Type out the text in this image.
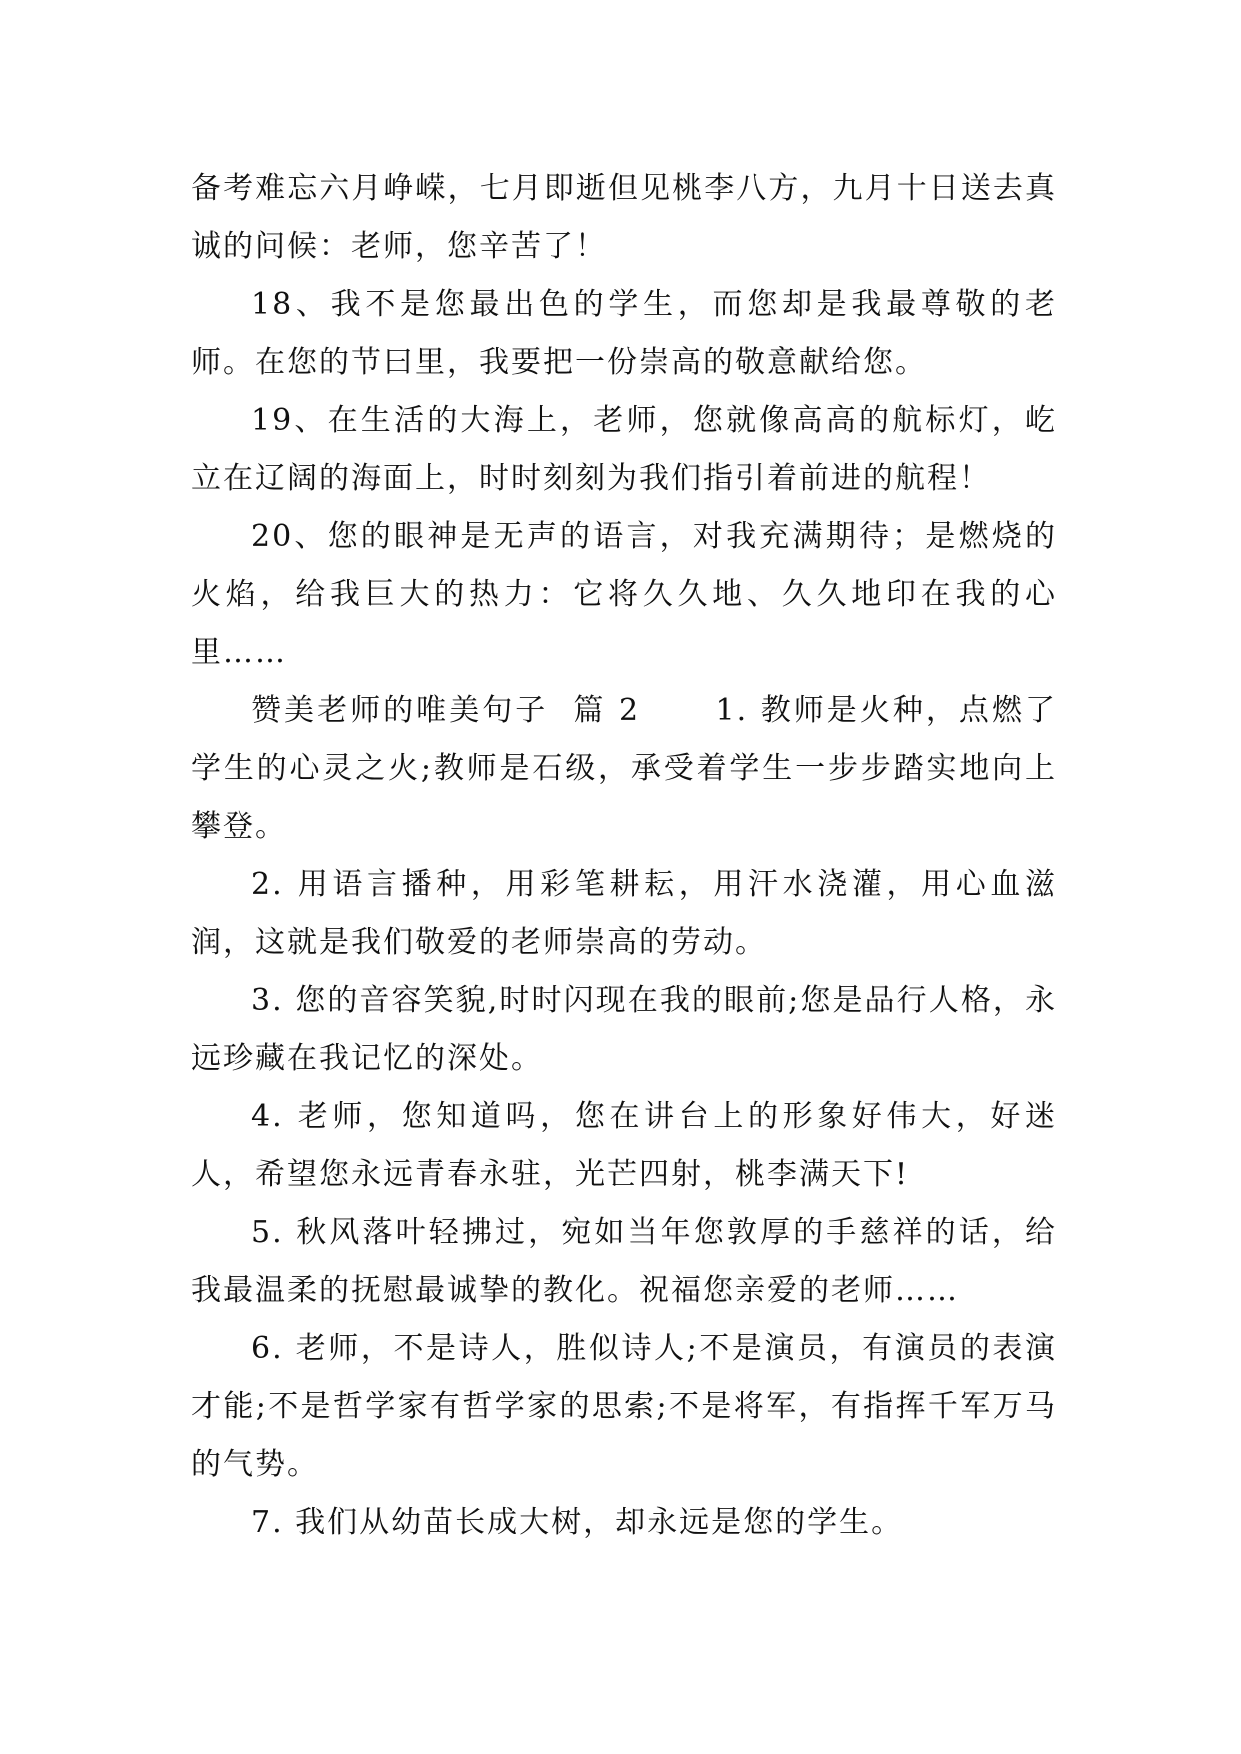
备考难忘六月峥嵘，七月即逝但见桃李八方，九月十日送去真诚的问候：老师，您辛苦了！

18、我不是您最出色的学生，而您却是我最尊敬的老师。在您的节曰里，我要把一份崇高的敬意献给您。

19、在生活的大海上，老师，您就像高高的航标灯，屹立在辽阔的海面上，时时刻刻为我们指引着前进的航程！

20、您的眼神是无声的语言，对我充满期待；是燃烧的火焰，给我巨大的热力：它将久久地、久久地印在我的心里……

赞美老师的唯美句子  篇 2      1. 教师是火种，点燃了学生的心灵之火;教师是石级，承受着学生一步步踏实地向上攀登。

2. 用语言播种，用彩笔耕耘，用汗水浇灌，用心血滋润，这就是我们敬爱的老师崇高的劳动。

3. 您的音容笑貌,时时闪现在我的眼前;您是品行人格，永远珍藏在我记忆的深处。

4. 老师，您知道吗，您在讲台上的形象好伟大，好迷人，希望您永远青春永驻，光芒四射，桃李满天下!

5. 秋风落叶轻拂过，宛如当年您敦厚的手慈祥的话，给我最温柔的抚慰最诚挚的教化。祝福您亲爱的老师……

6. 老师，不是诗人，胜似诗人;不是演员，有演员的表演才能;不是哲学家有哲学家的思索;不是将军，有指挥千军万马的气势。

7. 我们从幼苗长成大树，却永远是您的学生。
